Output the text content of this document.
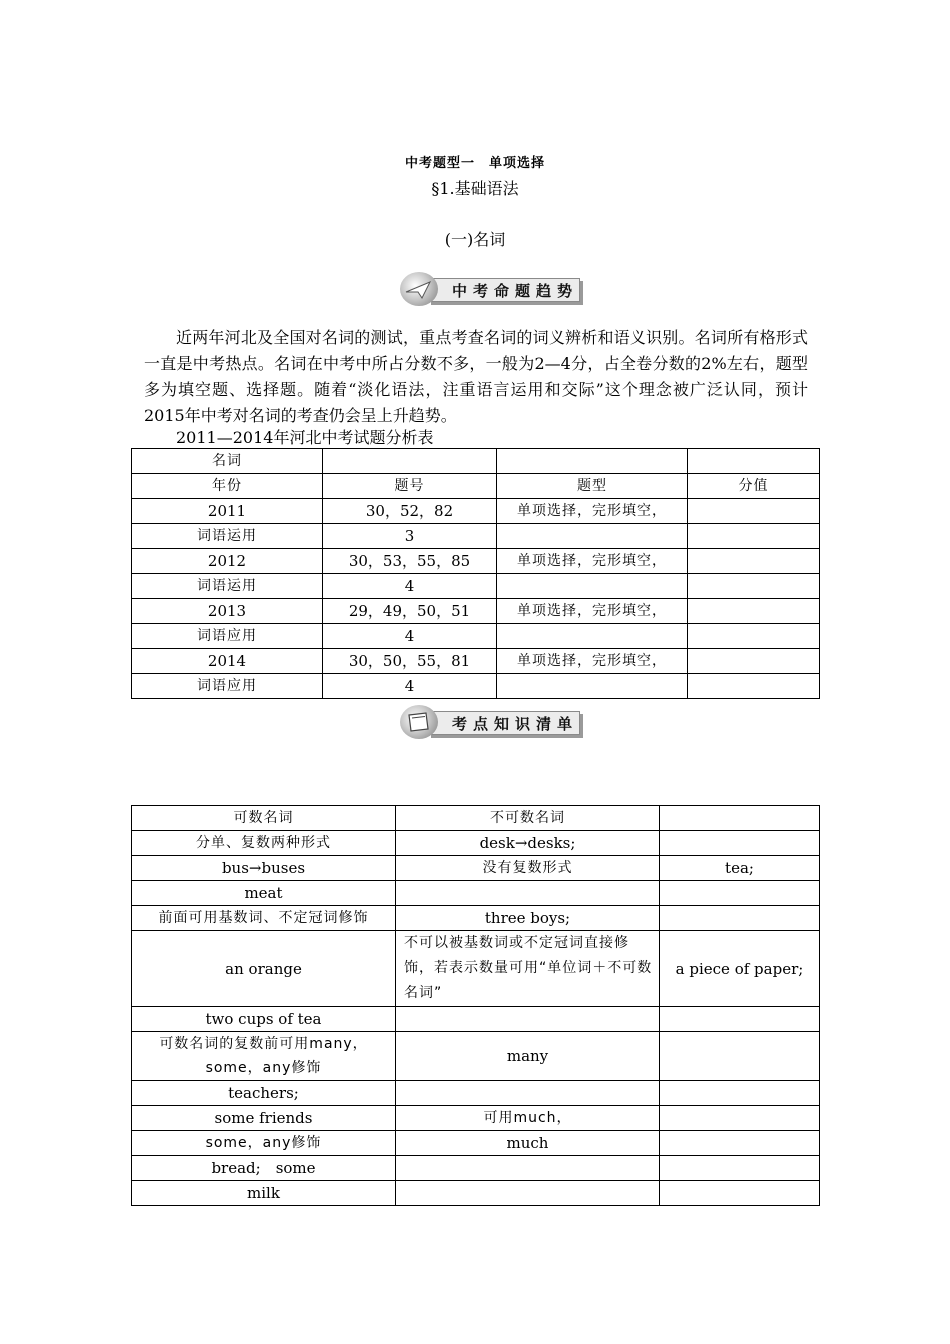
中考题型一　单项选择
§1.基础语法
(一)名词
中考命题趋势

近两年河北及全国对名词的测试，重点考查名词的词义辨析和语义识别。名词所有格形式一直是中考热点。名词在中考中所占分数不多，一般为2—4分，占全卷分数的2%左右，题型多为填空题、选择题。随着“淡化语法，注重语言运用和交际”这个理念被广泛认同，预计2015年中考对名词的考查仍会呈上升趋势。

2011—2014年河北中考试题分析表
名词			
年份	题号	题型	分值
2011	30，52，82	单项选择，完形填空，	
词语运用	3		
2012	30，53，55，85	单项选择，完形填空，	
词语运用	4		
2013	29，49，50，51	单项选择，完形填空，	
词语应用	4		
2014	30，50，55，81	单项选择，完形填空，	
词语应用	4		
考点知识清单
可数名词	不可数名词	
分单、复数两种形式	desk→desks;	
bus→buses	没有复数形式	tea;
meat		
前面可用基数词、不定冠词修饰	three boys;	
an orange	不可以被基数词或不定冠词直接修饰，若表示数量可用“单位词＋不可数名词”	a piece of paper;
two cups of tea		
可数名词的复数前可用many，some，any修饰	many	
teachers;		
some friends	可用much，	
some，any修饰	much	
bread;　some		
milk		
